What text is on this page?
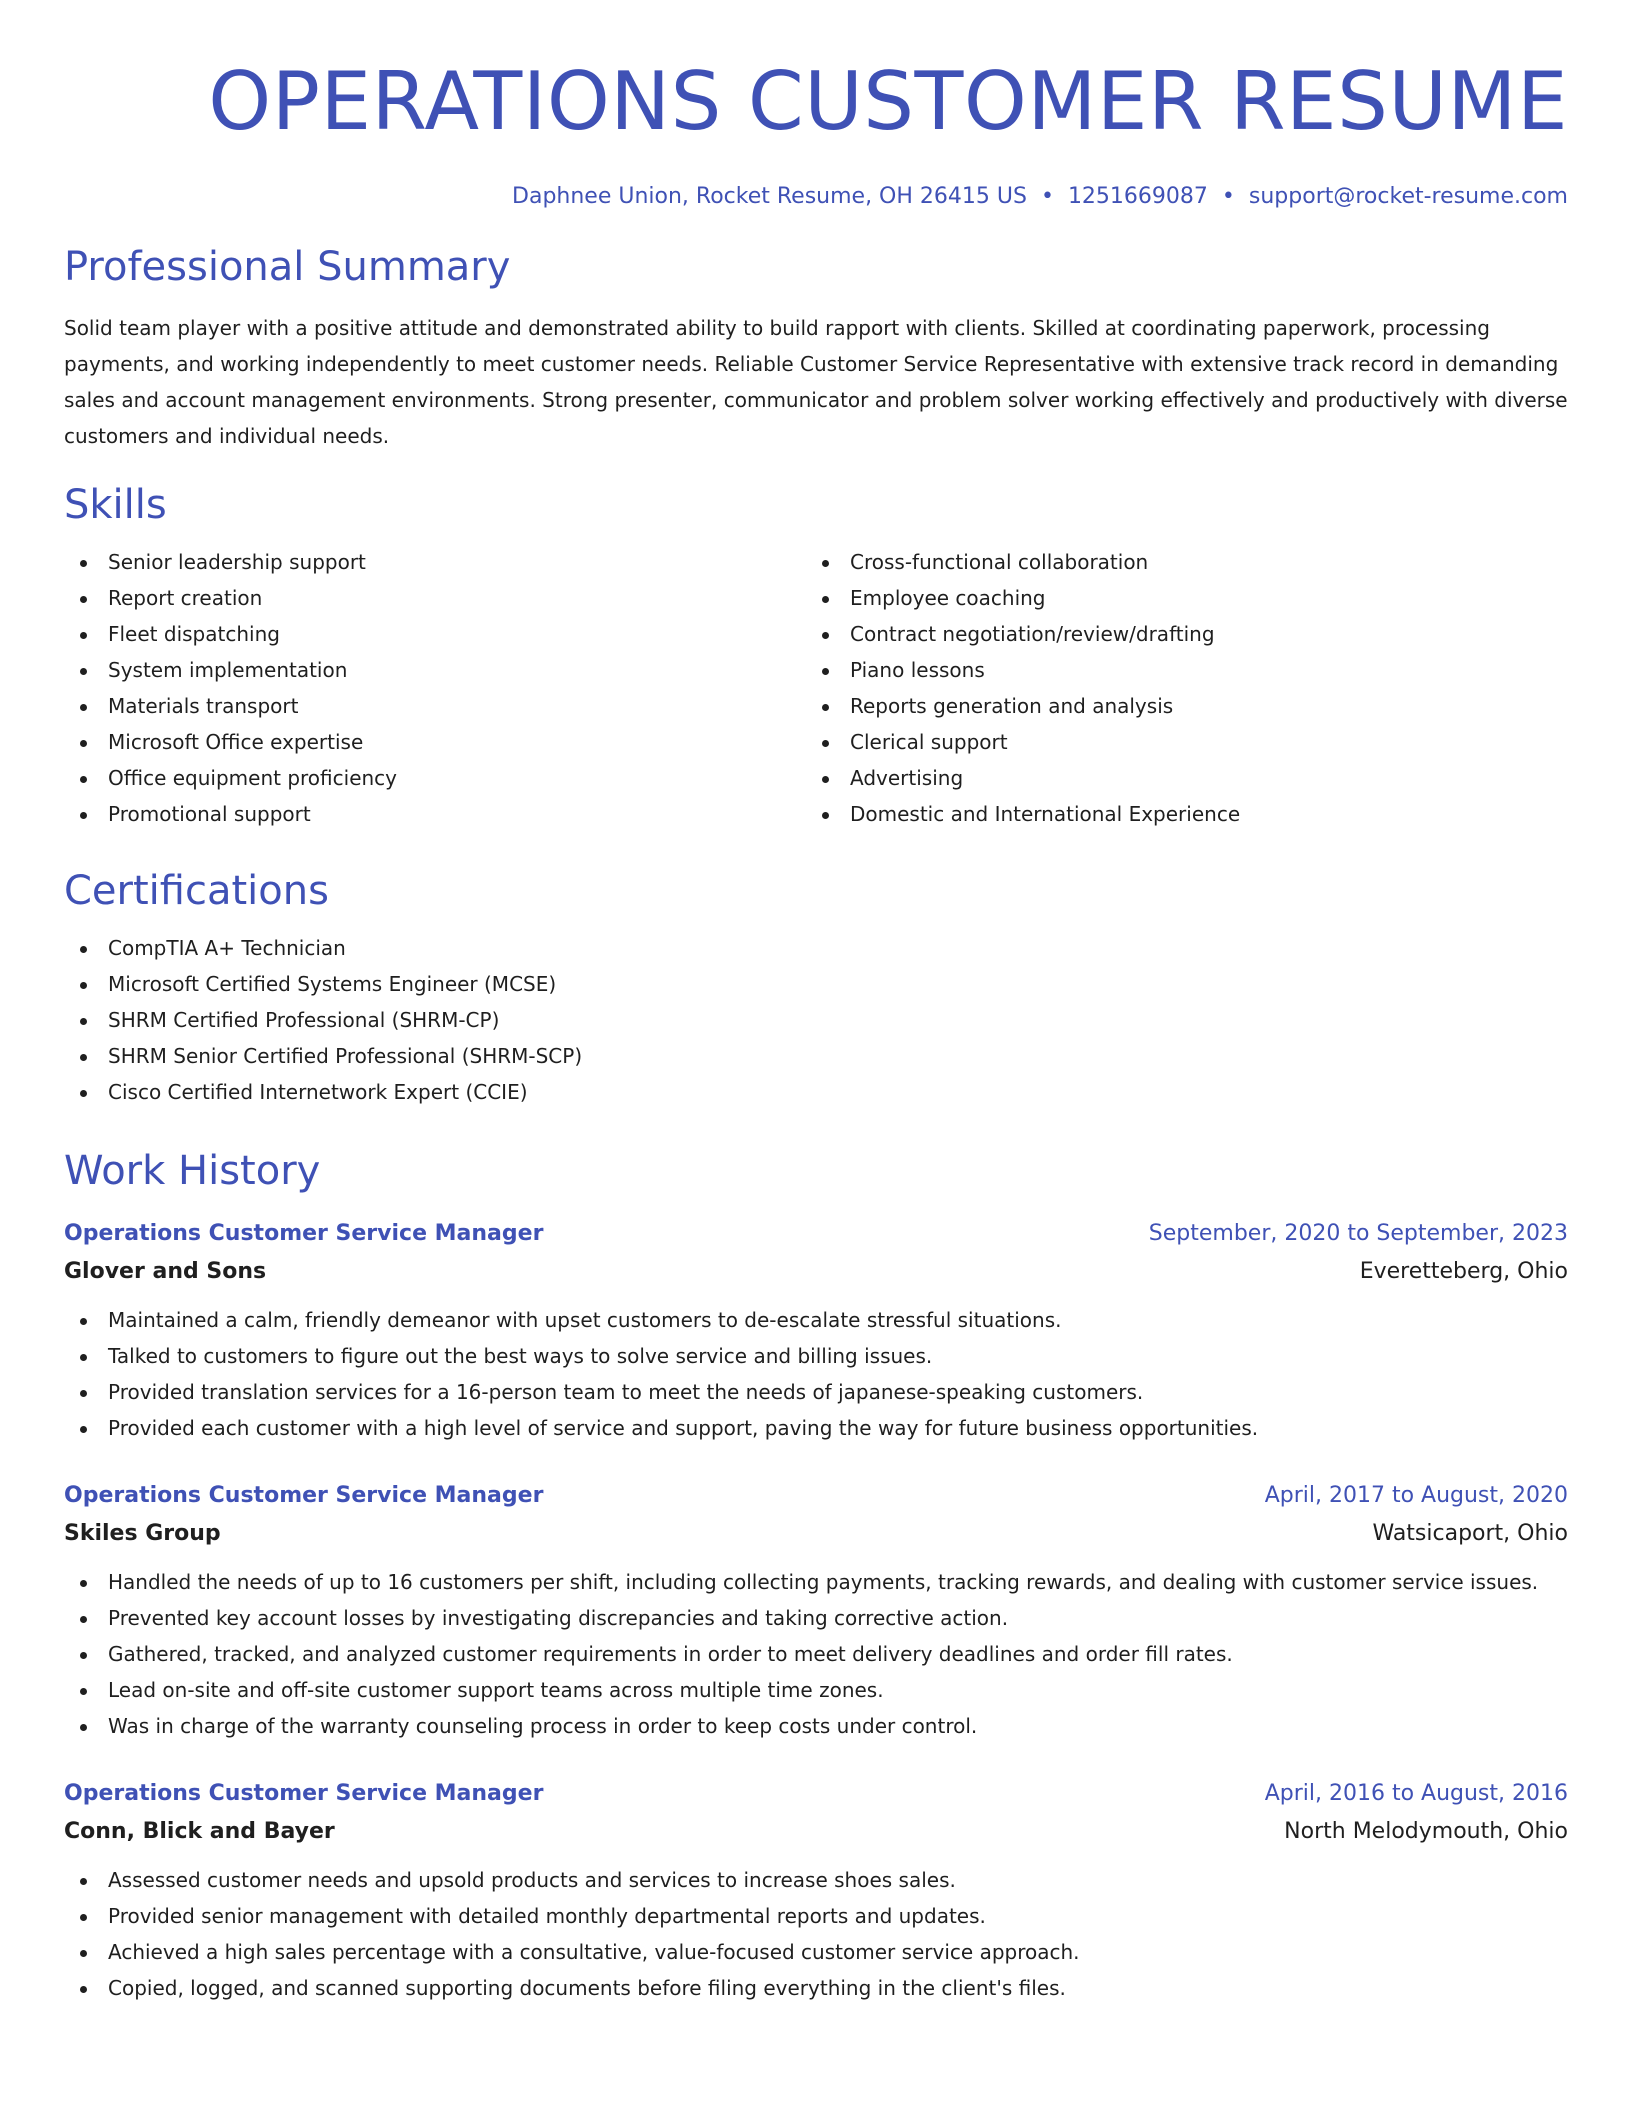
OPERATIONS CUSTOMER RESUME
Daphnee Union, Rocket Resume, OH 26415 US • 1251669087 • support@rocket-resume.com
Professional Summary

Solid team player with a positive attitude and demonstrated ability to build rapport with clients. Skilled at coordinating paperwork, processing payments, and working independently to meet customer needs. Reliable Customer Service Representative with extensive track record in demanding sales and account management environments. Strong presenter, communicator and problem solver working effectively and productively with diverse customers and individual needs.

Skills
Senior leadership support
Report creation
Fleet dispatching
System implementation
Materials transport
Microsoft Office expertise
Office equipment proficiency
Promotional support
Cross-functional collaboration
Employee coaching
Contract negotiation/review/drafting
Piano lessons
Reports generation and analysis
Clerical support
Advertising
Domestic and International Experience
Certifications
CompTIA A+ Technician
Microsoft Certified Systems Engineer (MCSE)
SHRM Certified Professional (SHRM-CP)
SHRM Senior Certified Professional (SHRM-SCP)
Cisco Certified Internetwork Expert (CCIE)
Work History
Operations Customer Service Manager	September, 2020 to September, 2023
Glover and Sons	Everetteberg, Ohio
Maintained a calm, friendly demeanor with upset customers to de-escalate stressful situations.
Talked to customers to figure out the best ways to solve service and billing issues.
Provided translation services for a 16-person team to meet the needs of japanese-speaking customers.
Provided each customer with a high level of service and support, paving the way for future business opportunities.
Operations Customer Service Manager	April, 2017 to August, 2020
Skiles Group	Watsicaport, Ohio
Handled the needs of up to 16 customers per shift, including collecting payments, tracking rewards, and dealing with customer service issues.
Prevented key account losses by investigating discrepancies and taking corrective action.
Gathered, tracked, and analyzed customer requirements in order to meet delivery deadlines and order fill rates.
Lead on-site and off-site customer support teams across multiple time zones.
Was in charge of the warranty counseling process in order to keep costs under control.
Operations Customer Service Manager	April, 2016 to August, 2016
Conn, Blick and Bayer	North Melodymouth, Ohio
Assessed customer needs and upsold products and services to increase shoes sales.
Provided senior management with detailed monthly departmental reports and updates.
Achieved a high sales percentage with a consultative, value-focused customer service approach.
Copied, logged, and scanned supporting documents before filing everything in the client's files.
